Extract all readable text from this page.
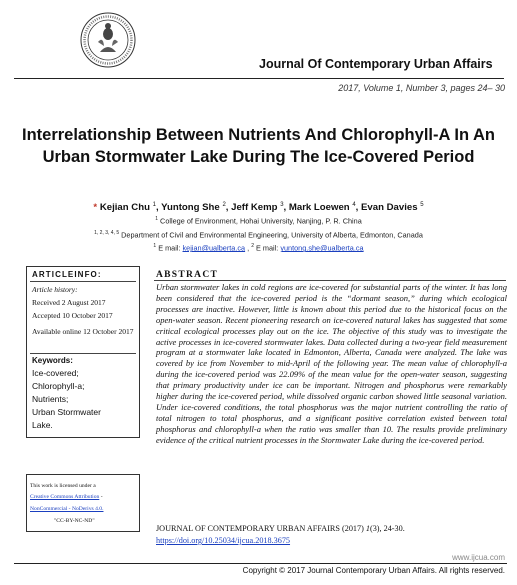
Journal Of Contemporary Urban Affairs
2017, Volume 1, Number 3, pages 24– 30
Interrelationship Between Nutrients And Chlorophyll-A In An Urban Stormwater Lake During The Ice-Covered Period
* Kejian Chu $^1$, Yuntong She $^2$, Jeff Kemp $^3$, Mark Loewen $^4$, Evan Davies $^5$
$^1$ College of Environment, Hohai University, Nanjing, P. R. China
$^{1, 2, 3, 4, 5}$ Department of Civil and Environmental Engineering, University of Alberta, Edmonton, Canada
$^1$ E mail: kejian@ualberta.ca , $^2$ E mail: yuntong.she@ualberta.ca
ARTICLEINFO:
Article history:
Received 2 August 2017
Accepted 10 October 2017
Available online 12 October 2017
Keywords:
Ice-covered;
Chlorophyll-a;
Nutrients;
Urban Stormwater
Lake.
This work is licensed under a
Creative Commons Attribution -
NonCommercial - NoDerivs 4.0.
"CC-BY-NC-ND"
ABSTRACT
Urban stormwater lakes in cold regions are ice-covered for substantial parts of the winter. It has long been considered that the ice-covered period is the “dormant season,” during which ecological processes are inactive. However, little is known about this period due to the historical focus on the open-water season. Recent pioneering research on ice-covered natural lakes has suggested that some critical ecological processes play out on the ice. The objective of this study was to investigate the active processes in ice-covered stormwater lakes. Data collected during a two-year field measurement program at a stormwater lake located in Edmonton, Alberta, Canada were analyzed. The lake was covered by ice from November to mid-April of the following year. The mean value of chlorophyll-a during the ice-covered period was 22.09% of the mean value for the open-water season, suggesting that primary productivity under ice can be important. Nitrogen and phosphorus were remarkably higher during the ice-covered period, while dissolved organic carbon showed little seasonal variation. Under ice-covered conditions, the total phosphorus was the major nutrient controlling the ratio of total nitrogen to total phosphorus, and a significant positive correlation existed between total phosphorus and chlorophyll-a when the ratio was smaller than 10. The results provide preliminary evidence of the critical nutrient processes in the Stormwater Lake during the ice-covered period.
JOURNAL OF CONTEMPORARY URBAN AFFAIRS (2017) 1(3), 24-30.
https://doi.org/10.25034/ijcua.2018.3675
www.ijcua.com
Copyright © 2017 Journal Contemporary Urban Affairs. All rights reserved.
